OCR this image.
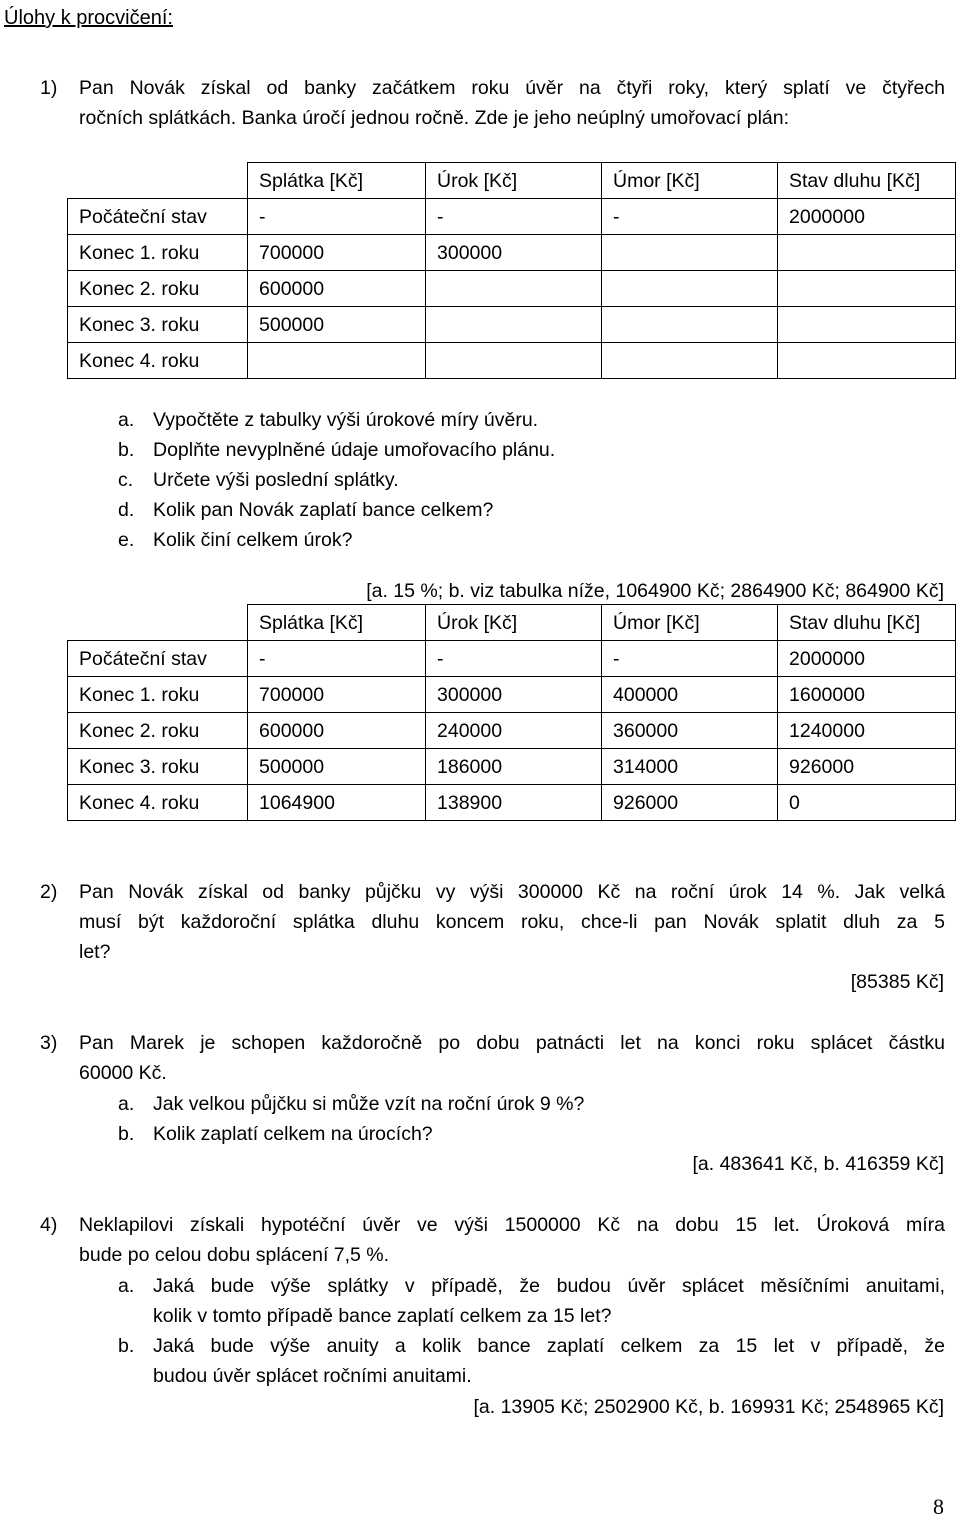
Úlohy k procvičení:
1) Pan Novák získal od banky začátkem roku úvěr na čtyři roky, který splatí ve čtyřech
ročních splátkách. Banka úročí jednou ročně. Zde je jeho neúplný umořovací plán:
	Splátka [Kč]	Úrok [Kč]	Úmor [Kč]	Stav dluhu [Kč]
Počáteční stav	-	-	-	2000000
Konec 1. roku	700000	300000		
Konec 2. roku	600000			
Konec 3. roku	500000			
Konec 4. roku				
a. Vypočtěte z tabulky výši úrokové míry úvěru.
b. Doplňte nevyplněné údaje umořovacího plánu.
c. Určete výši poslední splátky.
d. Kolik pan Novák zaplatí bance celkem?
e. Kolik činí celkem úrok?
[a. 15 %; b. viz tabulka níže, 1064900 Kč; 2864900 Kč; 864900 Kč]
	Splátka [Kč]	Úrok [Kč]	Úmor [Kč]	Stav dluhu [Kč]
Počáteční stav	-	-	-	2000000
Konec 1. roku	700000	300000	400000	1600000
Konec 2. roku	600000	240000	360000	1240000
Konec 3. roku	500000	186000	314000	926000
Konec 4. roku	1064900	138900	926000	0
2) Pan Novák získal od banky půjčku vy výši 300000 Kč na roční úrok 14 %. Jak velká
musí být každoroční splátka dluhu koncem roku, chce-li pan Novák splatit dluh za 5
let?
[85385 Kč]
3) Pan Marek je schopen každoročně po dobu patnácti let na konci roku splácet částku
60000 Kč.
a. Jak velkou půjčku si může vzít na roční úrok 9 %?
b. Kolik zaplatí celkem na úrocích?
[a. 483641 Kč, b. 416359 Kč]
4) Neklapilovi získali hypotéční úvěr ve výši 1500000 Kč na dobu 15 let. Úroková míra
bude po celou dobu splácení 7,5 %.
a. Jaká bude výše splátky v případě, že budou úvěr splácet měsíčními anuitami,
kolik v tomto případě bance zaplatí celkem za 15 let?
b. Jaká bude výše anuity a kolik bance zaplatí celkem za 15 let v případě, že
budou úvěr splácet ročními anuitami.
[a. 13905 Kč; 2502900 Kč, b. 169931 Kč; 2548965 Kč]
8
